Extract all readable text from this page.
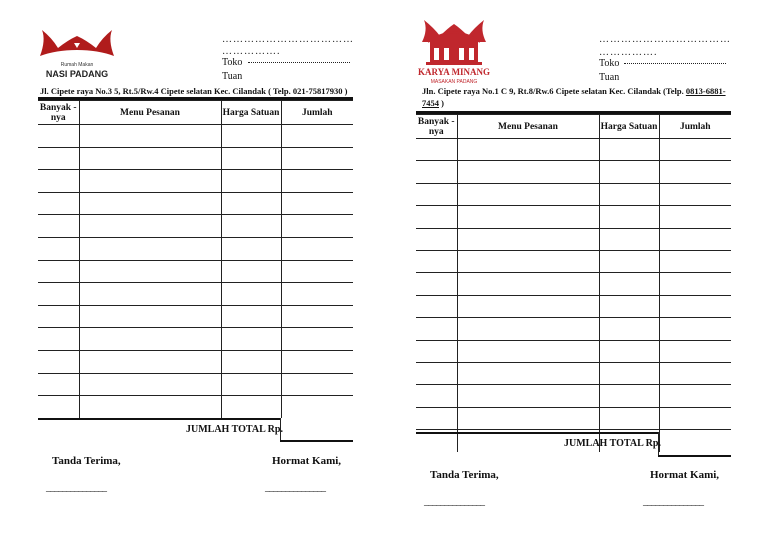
Rumah Makan
NASI PADANG
………………………………
…………….
Toko
Tuan
Jl. Cipete raya No.3 5, Rt.5/Rw.4 Cipete selatan Kec. Cilandak ( Telp. 021-75817930 )
Banyak -nya	Menu Pesanan	Harga Satuan	Jumlah

JUMLAH TOTAL Rp.
Tanda Terima,	Hormat Kami,
_______________	_______________
KARYA MINANG
MASAKAN PADANG
………………………………
…………….
Toko
Tuan
Jln. Cipete raya No.1 C 9, Rt.8/Rw.6 Cipete selatan Kec. Cilandak (Telp. 0813-6881-
7454 )
Banyak -nya	Menu Pesanan	Harga Satuan	Jumlah

JUMLAH TOTAL Rp.
Tanda Terima,	Hormat Kami,
_______________	_______________
